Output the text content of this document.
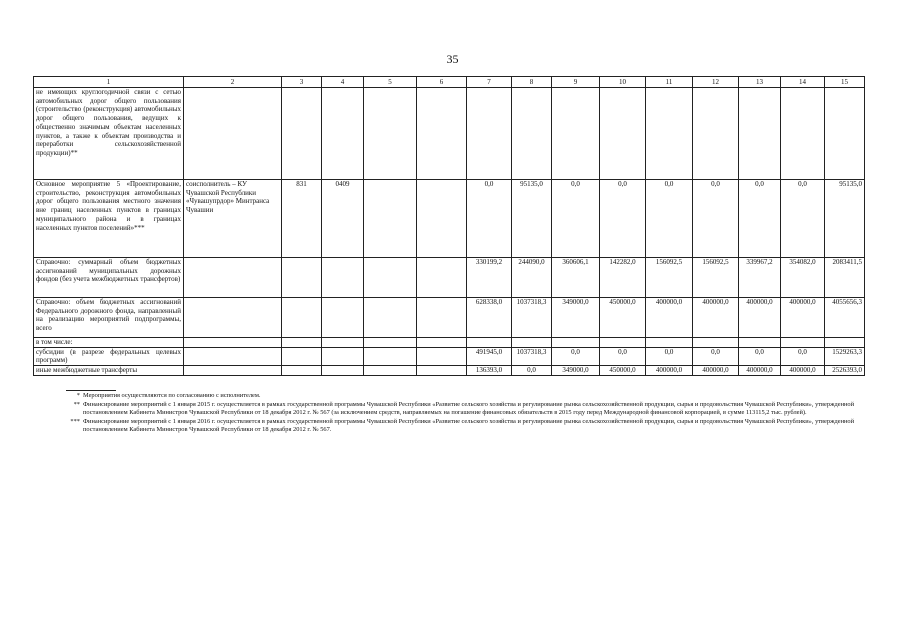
35
1	2	3	4	5	6	7	8	9	10	11	12	13	14	15
не имеющих круглогодичной связи с сетью автомобильных дорог общего пользования (строительство (реконструкция) автомобильных дорог общего пользования, ведущих к общественно значимым объектам населенных пунктов, а также к объектам производства и переработки сельскохозяйственной продукции)**														
Основное мероприятие 5 «Проектирование, строительство, реконструкция автомобильных дорог общего пользования местного значения вне границ населенных пунктов в границах муниципального района и в границах населенных пунктов поселений»***	соисполнитель – КУ Чувашской Республики «Чувашупрдор» Минтранса Чувашии	831	0409			0,0	95135,0	0,0	0,0	0,0	0,0	0,0	0,0	95135,0
Справочно: суммарный объем бюджетных ассигнований муниципальных дорожных фондов (без учета межбюджетных трансфертов)						330199,2	244090,0	360606,1	142282,0	156092,5	156092,5	339967,2	354082,0	2083411,5
Справочно: объем бюджетных ассигнований Федерального дорожного фонда, направленный на реализацию мероприятий подпрограммы, всего						628338,0	1037318,3	349000,0	450000,0	400000,0	400000,0	400000,0	400000,0	4055656,3
в том числе:														
субсидии (в разрезе федеральных целевых программ)						491945,0	1037318,3	0,0	0,0	0,0	0,0	0,0	0,0	1529263,3
иные межбюджетные трансферты						136393,0	0,0	349000,0	450000,0	400000,0	400000,0	400000,0	400000,0	2526393,0
* Мероприятия осуществляются по согласованию с исполнителем.
** Финансирование мероприятий с 1 января 2015 г. осуществляется в рамках государственной программы Чувашской Республики «Развитие сельского хозяйства и регулирование рынка сельскохозяйственной продукции, сырья и продовольствия Чувашской Республики», утвержденной постановлением Кабинета Министров Чувашской Республики от 18 декабря 2012 г. № 567 (за исключением средств, направляемых на погашение финансовых обязательств в 2015 году перед Международной финансовой корпорацией, в сумме 113115,2 тыс. рублей).
*** Финансирование мероприятий с 1 января 2016 г. осуществляется в рамках государственной программы Чувашской Республики «Развитие сельского хозяйства и регулирование рынка сельскохозяйственной продукции, сырья и продовольствия Чувашской Республики», утвержденной постановлением Кабинета Министров Чувашской Республики от 18 декабря 2012 г. № 567.
